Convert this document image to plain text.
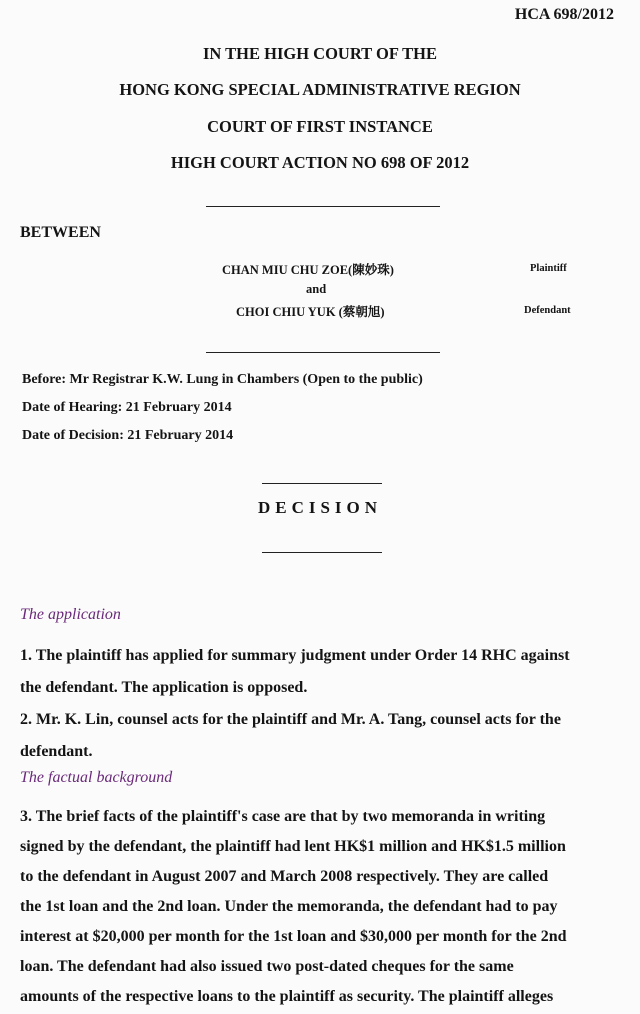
HCA 698/2012
IN THE HIGH COURT OF THE
HONG KONG SPECIAL ADMINISTRATIVE REGION
COURT OF FIRST INSTANCE
HIGH COURT ACTION NO 698 OF 2012
BETWEEN
CHAN MIU CHU ZOE(陳妙珠)	Plaintiff
and
CHOI CHIU YUK (蔡朝旭)	Defendant
Before: Mr Registrar K.W. Lung in Chambers (Open to the public)
Date of Hearing: 21 February 2014
Date of Decision: 21 February 2014
DECISION
The application
1. The plaintiff has applied for summary judgment under Order 14 RHC against
the defendant. The application is opposed.
2. Mr. K. Lin, counsel acts for the plaintiff and Mr. A. Tang, counsel acts for the
defendant.
The factual background
3. The brief facts of the plaintiff's case are that by two memoranda in writing
signed by the defendant, the plaintiff had lent HK$1 million and HK$1.5 million
to the defendant in August 2007 and March 2008 respectively. They are called
the 1st loan and the 2nd loan. Under the memoranda, the defendant had to pay
interest at $20,000 per month for the 1st loan and $30,000 per month for the 2nd
loan. The defendant had also issued two post-dated cheques for the same
amounts of the respective loans to the plaintiff as security. The plaintiff alleges
